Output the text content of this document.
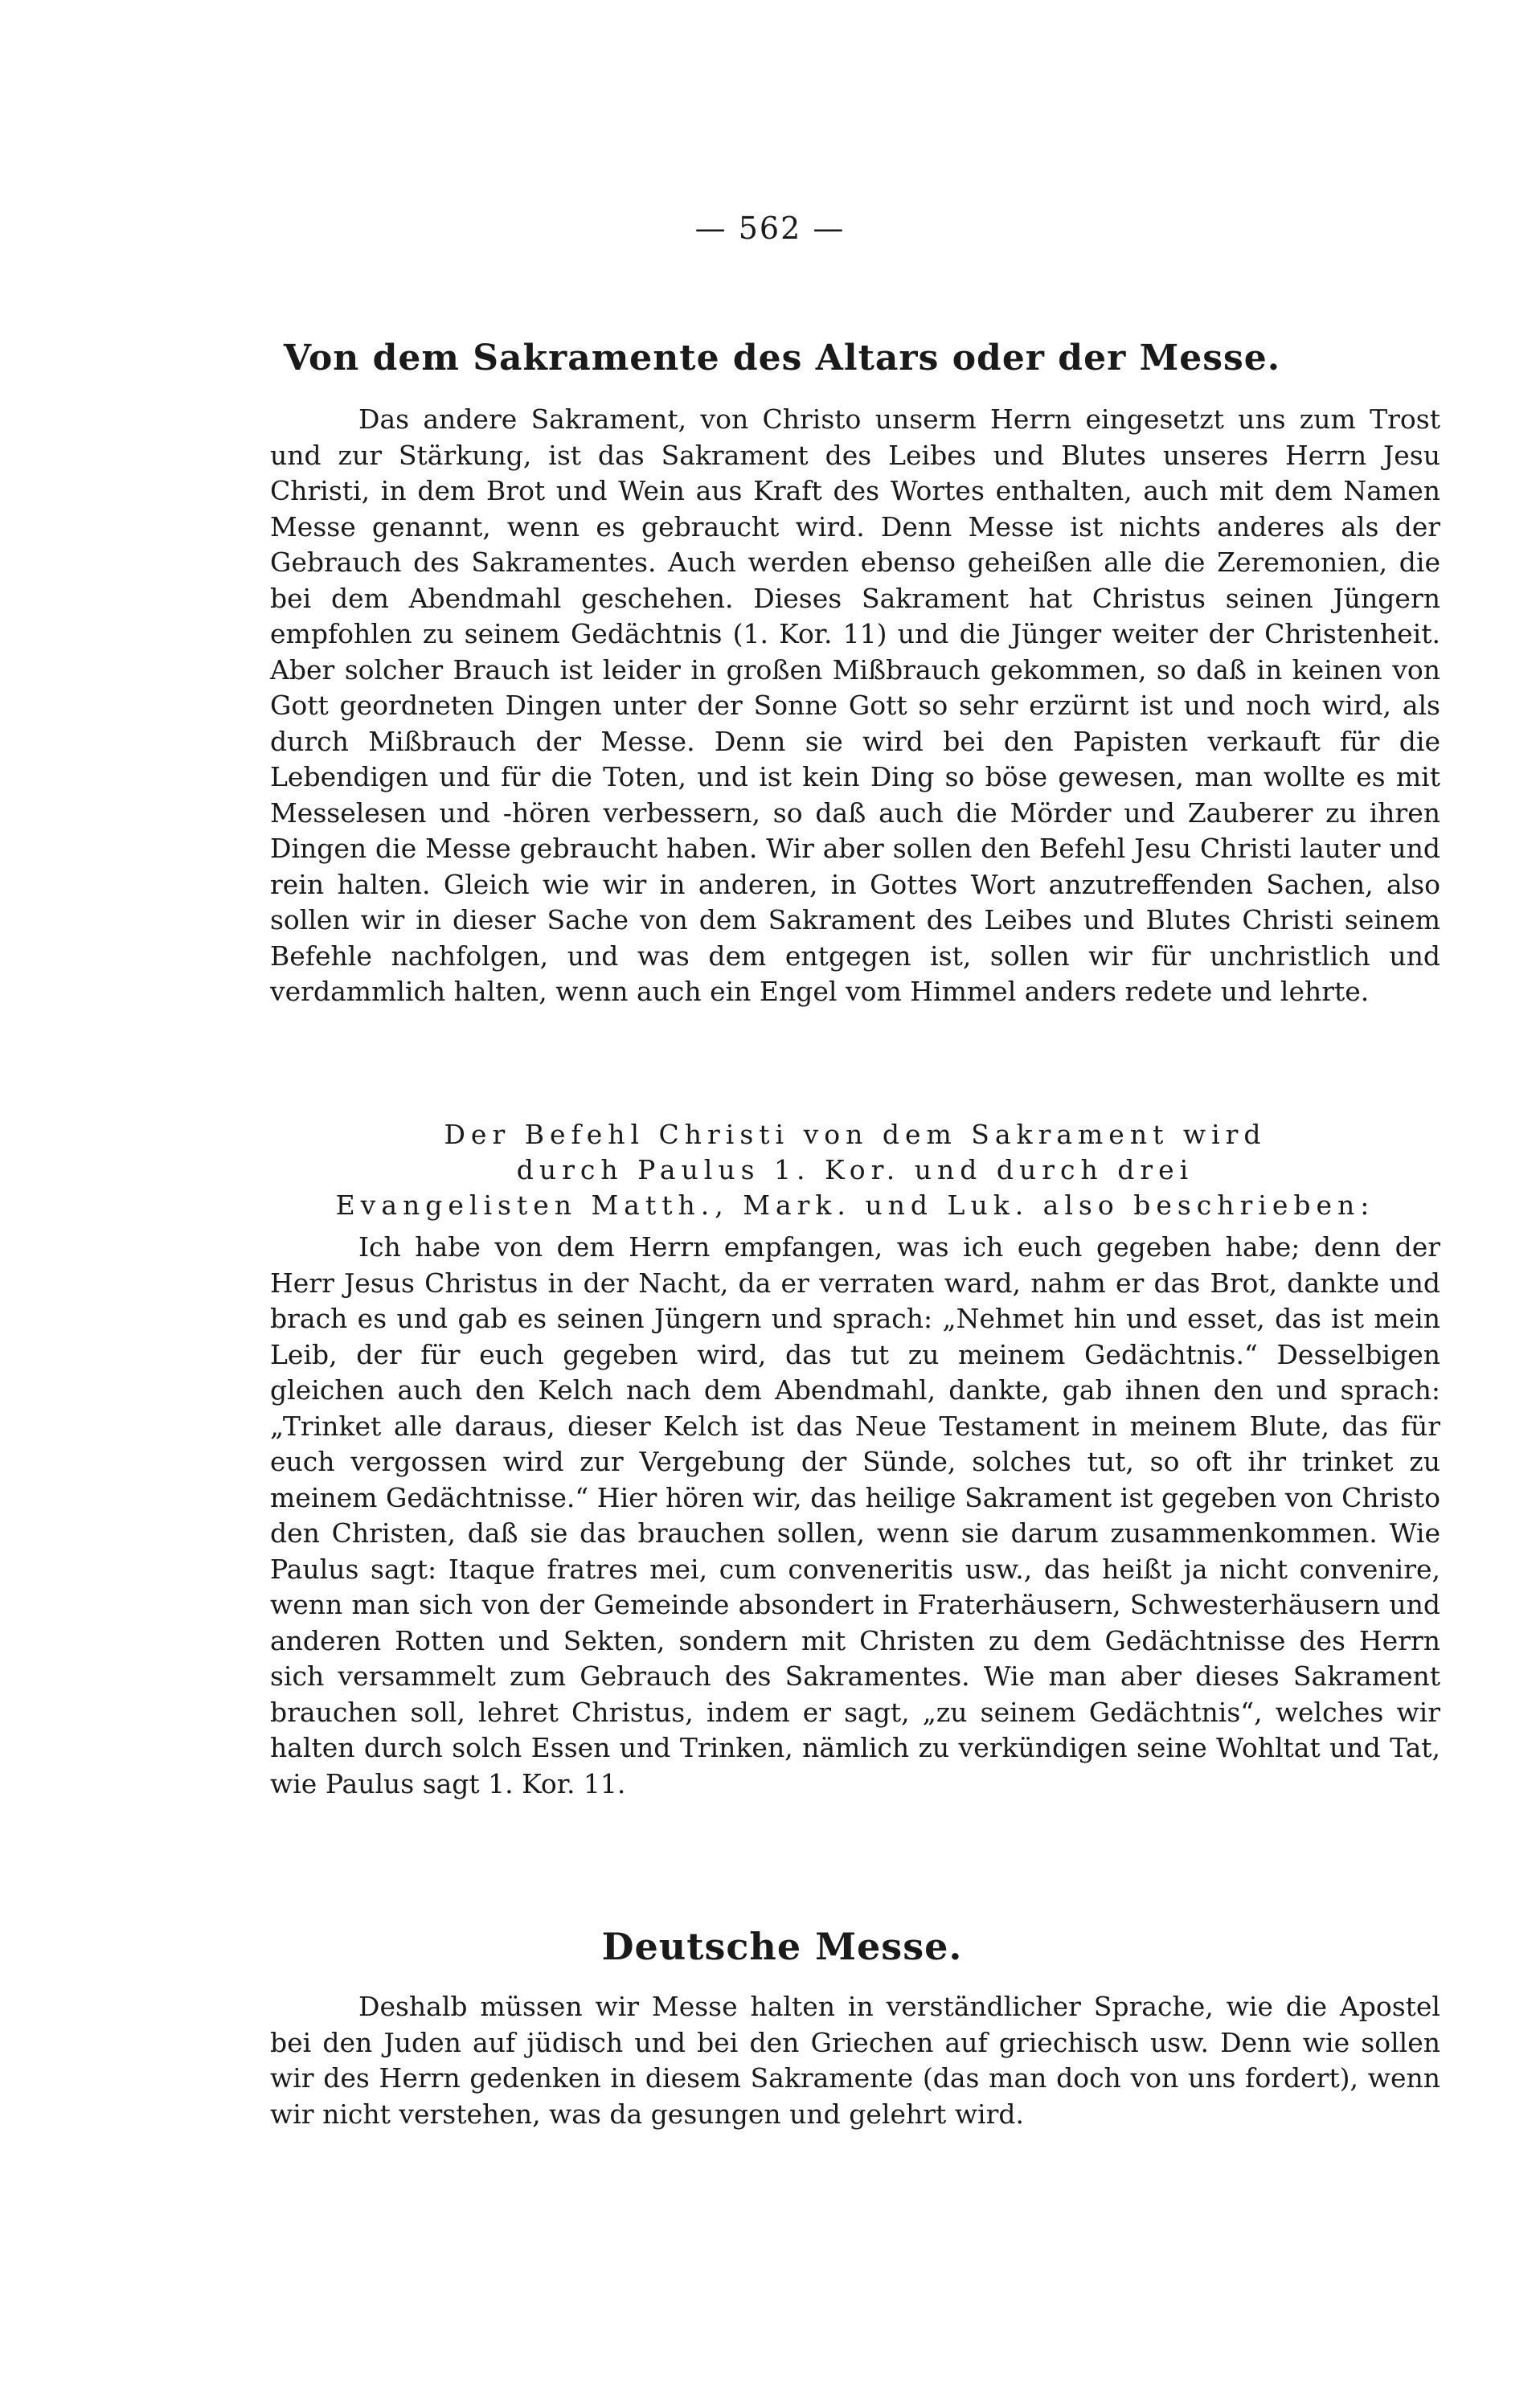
— 562 —
Von dem Sakramente des Altars oder der Messe.

Das andere Sakrament, von Christo unserm Herrn eingesetzt uns zum Trost und zur Stärkung, ist das Sakrament des Leibes und Blutes unseres Herrn Jesu Christi, in dem Brot und Wein aus Kraft des Wortes enthalten, auch mit dem Namen Messe genannt, wenn es gebraucht wird. Denn Messe ist nichts anderes als der Gebrauch des Sakramentes. Auch werden ebenso geheißen alle die Zeremonien, die bei dem Abendmahl geschehen. Dieses Sakrament hat Christus seinen Jüngern empfohlen zu seinem Gedächtnis (1. Kor. 11) und die Jünger weiter der Christenheit. Aber solcher Brauch ist leider in großen Mißbrauch gekommen, so daß in keinen von Gott geordneten Dingen unter der Sonne Gott so sehr erzürnt ist und noch wird, als durch Mißbrauch der Messe. Denn sie wird bei den Papisten verkauft für die Lebendigen und für die Toten, und ist kein Ding so böse gewesen, man wollte es mit Messelesen und -hören verbessern, so daß auch die Mörder und Zauberer zu ihren Dingen die Messe gebraucht haben. Wir aber sollen den Befehl Jesu Christi lauter und rein halten. Gleich wie wir in anderen, in Gottes Wort anzutreffenden Sachen, also sollen wir in dieser Sache von dem Sakrament des Leibes und Blutes Christi seinem Befehle nachfolgen, und was dem entgegen ist, sollen wir für unchristlich und verdammlich halten, wenn auch ein Engel vom Himmel anders redete und lehrte.

Der Befehl Christi von dem Sakrament wird
durch Paulus 1. Kor. und durch drei
Evangelisten Matth., Mark. und Luk. also beschrieben:

Ich habe von dem Herrn empfangen, was ich euch gegeben habe; denn der Herr Jesus Christus in der Nacht, da er verraten ward, nahm er das Brot, dankte und brach es und gab es seinen Jüngern und sprach: „Nehmet hin und esset, das ist mein Leib, der für euch gegeben wird, das tut zu meinem Gedächtnis.“ Desselbigen gleichen auch den Kelch nach dem Abendmahl, dankte, gab ihnen den und sprach: „Trinket alle daraus, dieser Kelch ist das Neue Testament in meinem Blute, das für euch vergossen wird zur Vergebung der Sünde, solches tut, so oft ihr trinket zu meinem Gedächtnisse.“ Hier hören wir, das heilige Sakrament ist gegeben von Christo den Christen, daß sie das brauchen sollen, wenn sie darum zusammenkommen. Wie Paulus sagt: Itaque fratres mei, cum conveneritis usw., das heißt ja nicht convenire, wenn man sich von der Gemeinde absondert in Fraterhäusern, Schwesterhäusern und anderen Rotten und Sekten, sondern mit Christen zu dem Gedächtnisse des Herrn sich versammelt zum Gebrauch des Sakramentes. Wie man aber dieses Sakrament brauchen soll, lehret Christus, indem er sagt, „zu seinem Gedächtnis“, welches wir halten durch solch Essen und Trinken, nämlich zu verkündigen seine Wohltat und Tat, wie Paulus sagt 1. Kor. 11.

Deutsche Messe.

Deshalb müssen wir Messe halten in verständlicher Sprache, wie die Apostel bei den Juden auf jüdisch und bei den Griechen auf griechisch usw. Denn wie sollen wir des Herrn gedenken in diesem Sakramente (das man doch von uns fordert), wenn wir nicht verstehen, was da gesungen und gelehrt wird.
